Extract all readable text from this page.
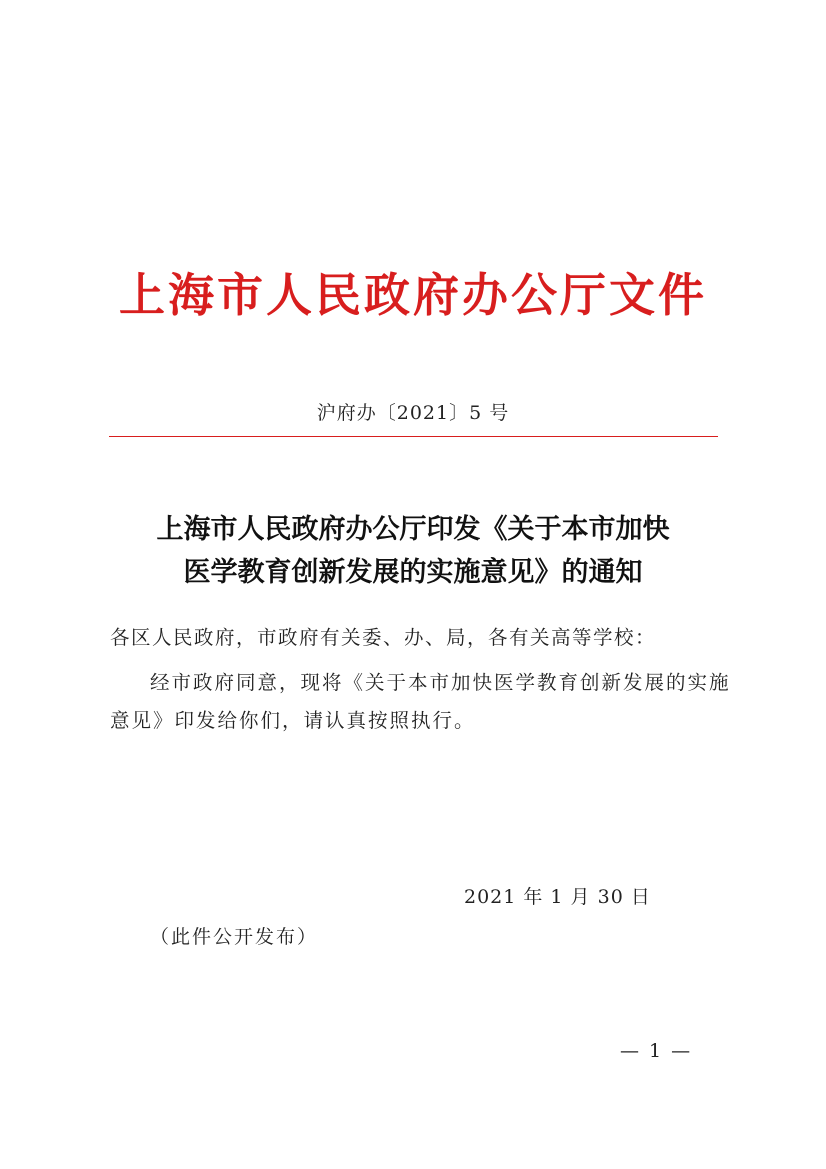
上海市人民政府办公厅文件
沪府办〔2021〕5 号
上海市人民政府办公厅印发《关于本市加快
医学教育创新发展的实施意见》的通知
各区人民政府，市政府有关委、办、局，各有关高等学校：
经市政府同意，现将《关于本市加快医学教育创新发展的实施
意见》印发给你们，请认真按照执行。
2021 年 1 月 30 日
（此件公开发布）
— 1 —
